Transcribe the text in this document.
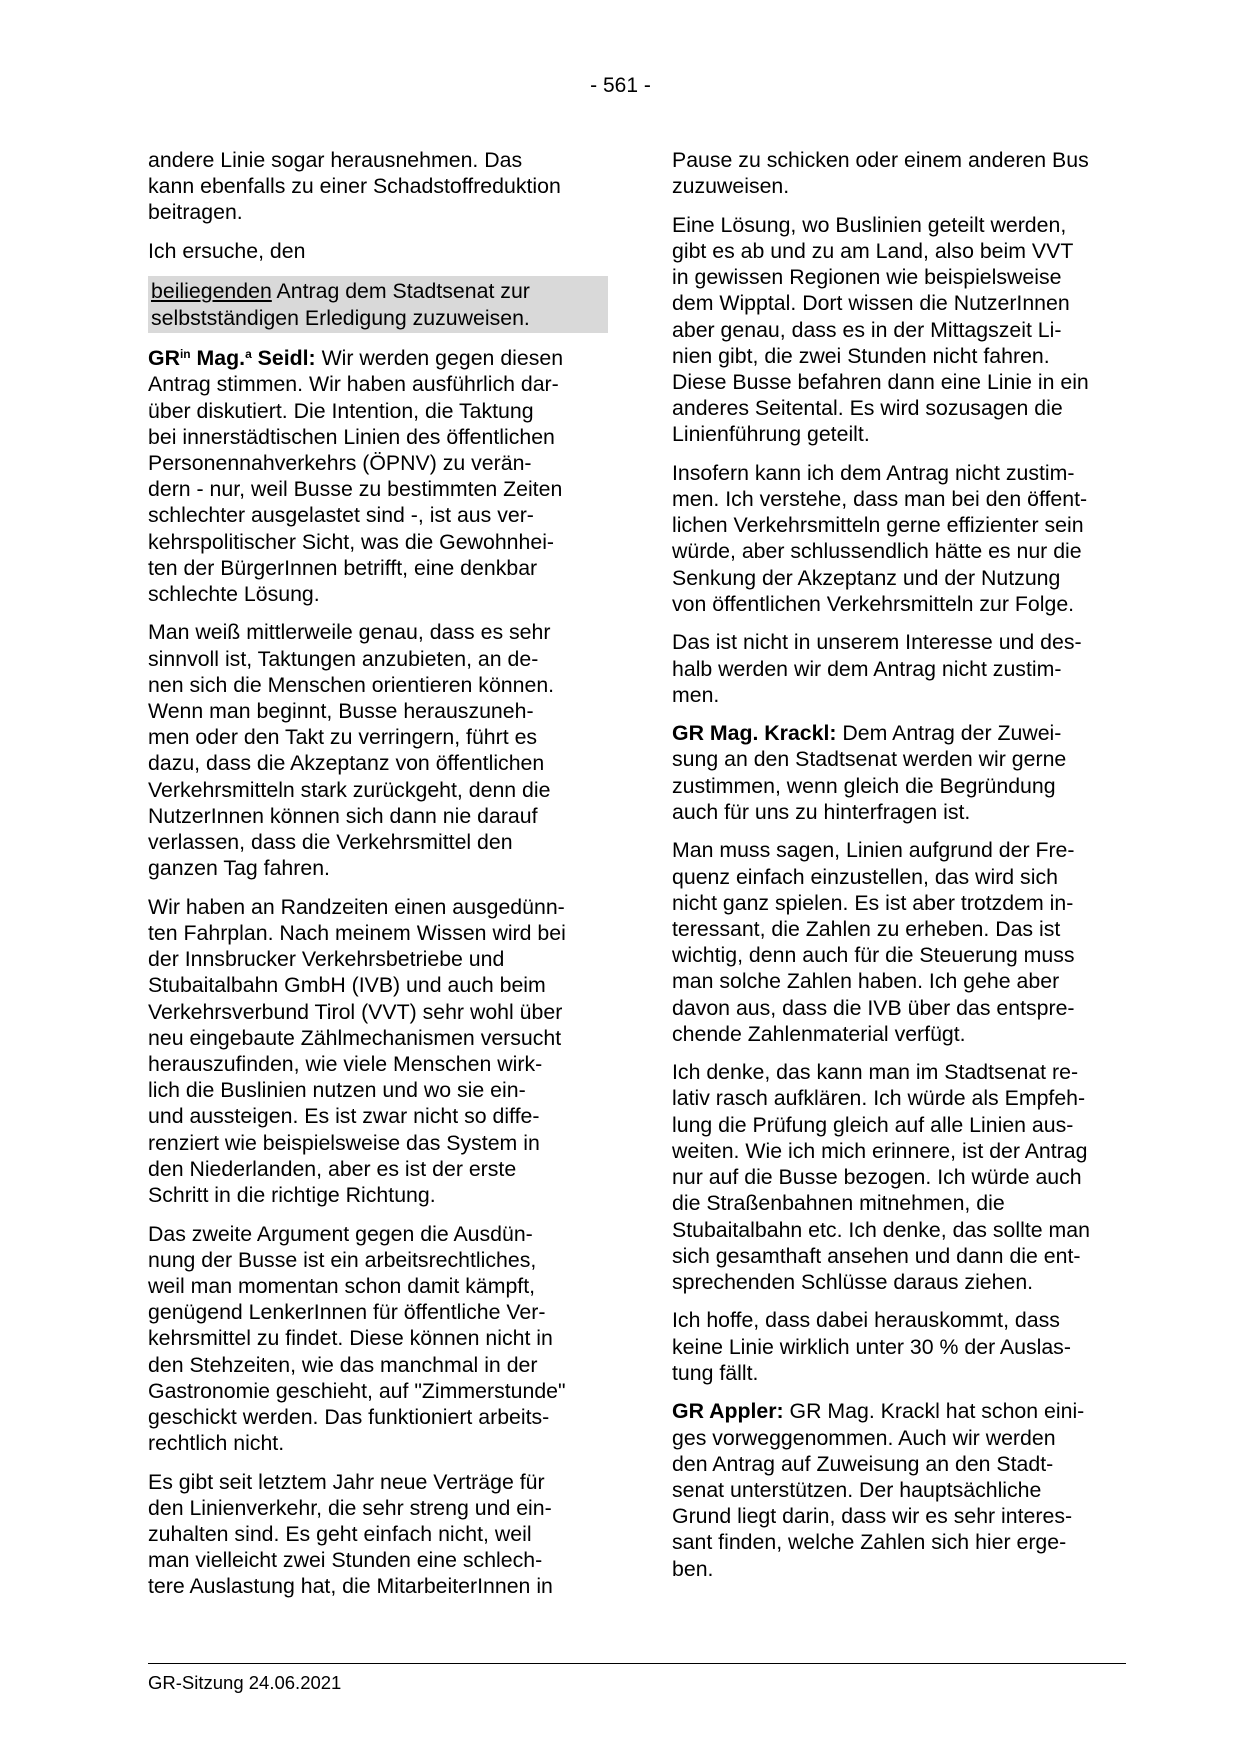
- 561 -

andere Linie sogar herausnehmen. Das
kann ebenfalls zu einer Schadstoffreduktion
beitragen.

Ich ersuche, den

beiliegenden Antrag dem Stadtsenat zur
selbstständigen Erledigung zuzuweisen.

$GR^{in}$ Mag.$^a$ Seidl: Wir werden gegen diesen
Antrag stimmen. Wir haben ausführlich dar-
über diskutiert. Die Intention, die Taktung
bei innerstädtischen Linien des öffentlichen
Personennahverkehrs (ÖPNV) zu verän-
dern - nur, weil Busse zu bestimmten Zeiten
schlechter ausgelastet sind -, ist aus ver-
kehrspolitischer Sicht, was die Gewohnhei-
ten der BürgerInnen betrifft, eine denkbar
schlechte Lösung.

Man weiß mittlerweile genau, dass es sehr
sinnvoll ist, Taktungen anzubieten, an de-
nen sich die Menschen orientieren können.
Wenn man beginnt, Busse herauszuneh-
men oder den Takt zu verringern, führt es
dazu, dass die Akzeptanz von öffentlichen
Verkehrsmitteln stark zurückgeht, denn die
NutzerInnen können sich dann nie darauf
verlassen, dass die Verkehrsmittel den
ganzen Tag fahren.

Wir haben an Randzeiten einen ausgedünn-
ten Fahrplan. Nach meinem Wissen wird bei
der Innsbrucker Verkehrsbetriebe und
Stubaitalbahn GmbH (IVB) und auch beim
Verkehrsverbund Tirol (VVT) sehr wohl über
neu eingebaute Zählmechanismen versucht
herauszufinden, wie viele Menschen wirk-
lich die Buslinien nutzen und wo sie ein-
und aussteigen. Es ist zwar nicht so diffe-
renziert wie beispielsweise das System in
den Niederlanden, aber es ist der erste
Schritt in die richtige Richtung.

Das zweite Argument gegen die Ausdün-
nung der Busse ist ein arbeitsrechtliches,
weil man momentan schon damit kämpft,
genügend LenkerInnen für öffentliche Ver-
kehrsmittel zu findet. Diese können nicht in
den Stehzeiten, wie das manchmal in der
Gastronomie geschieht, auf "Zimmerstunde"
geschickt werden. Das funktioniert arbeits-
rechtlich nicht.

Es gibt seit letztem Jahr neue Verträge für
den Linienverkehr, die sehr streng und ein-
zuhalten sind. Es geht einfach nicht, weil
man vielleicht zwei Stunden eine schlech-
tere Auslastung hat, die MitarbeiterInnen in

Pause zu schicken oder einem anderen Bus
zuzuweisen.

Eine Lösung, wo Buslinien geteilt werden,
gibt es ab und zu am Land, also beim VVT
in gewissen Regionen wie beispielsweise
dem Wipptal. Dort wissen die NutzerInnen
aber genau, dass es in der Mittagszeit Li-
nien gibt, die zwei Stunden nicht fahren.
Diese Busse befahren dann eine Linie in ein
anderes Seitental. Es wird sozusagen die
Linienführung geteilt.

Insofern kann ich dem Antrag nicht zustim-
men. Ich verstehe, dass man bei den öffent-
lichen Verkehrsmitteln gerne effizienter sein
würde, aber schlussendlich hätte es nur die
Senkung der Akzeptanz und der Nutzung
von öffentlichen Verkehrsmitteln zur Folge.

Das ist nicht in unserem Interesse und des-
halb werden wir dem Antrag nicht zustim-
men.

GR Mag. Krackl: Dem Antrag der Zuwei-
sung an den Stadtsenat werden wir gerne
zustimmen, wenn gleich die Begründung
auch für uns zu hinterfragen ist.

Man muss sagen, Linien aufgrund der Fre-
quenz einfach einzustellen, das wird sich
nicht ganz spielen. Es ist aber trotzdem in-
teressant, die Zahlen zu erheben. Das ist
wichtig, denn auch für die Steuerung muss
man solche Zahlen haben. Ich gehe aber
davon aus, dass die IVB über das entspre-
chende Zahlenmaterial verfügt.

Ich denke, das kann man im Stadtsenat re-
lativ rasch aufklären. Ich würde als Empfeh-
lung die Prüfung gleich auf alle Linien aus-
weiten. Wie ich mich erinnere, ist der Antrag
nur auf die Busse bezogen. Ich würde auch
die Straßenbahnen mitnehmen, die
Stubaitalbahn etc. Ich denke, das sollte man
sich gesamthaft ansehen und dann die ent-
sprechenden Schlüsse daraus ziehen.

Ich hoffe, dass dabei herauskommt, dass
keine Linie wirklich unter 30 % der Auslas-
tung fällt.

GR Appler: GR Mag. Krackl hat schon eini-
ges vorweggenommen. Auch wir werden
den Antrag auf Zuweisung an den Stadt-
senat unterstützen. Der hauptsächliche
Grund liegt darin, dass wir es sehr interes-
sant finden, welche Zahlen sich hier erge-
ben.

GR-Sitzung 24.06.2021
